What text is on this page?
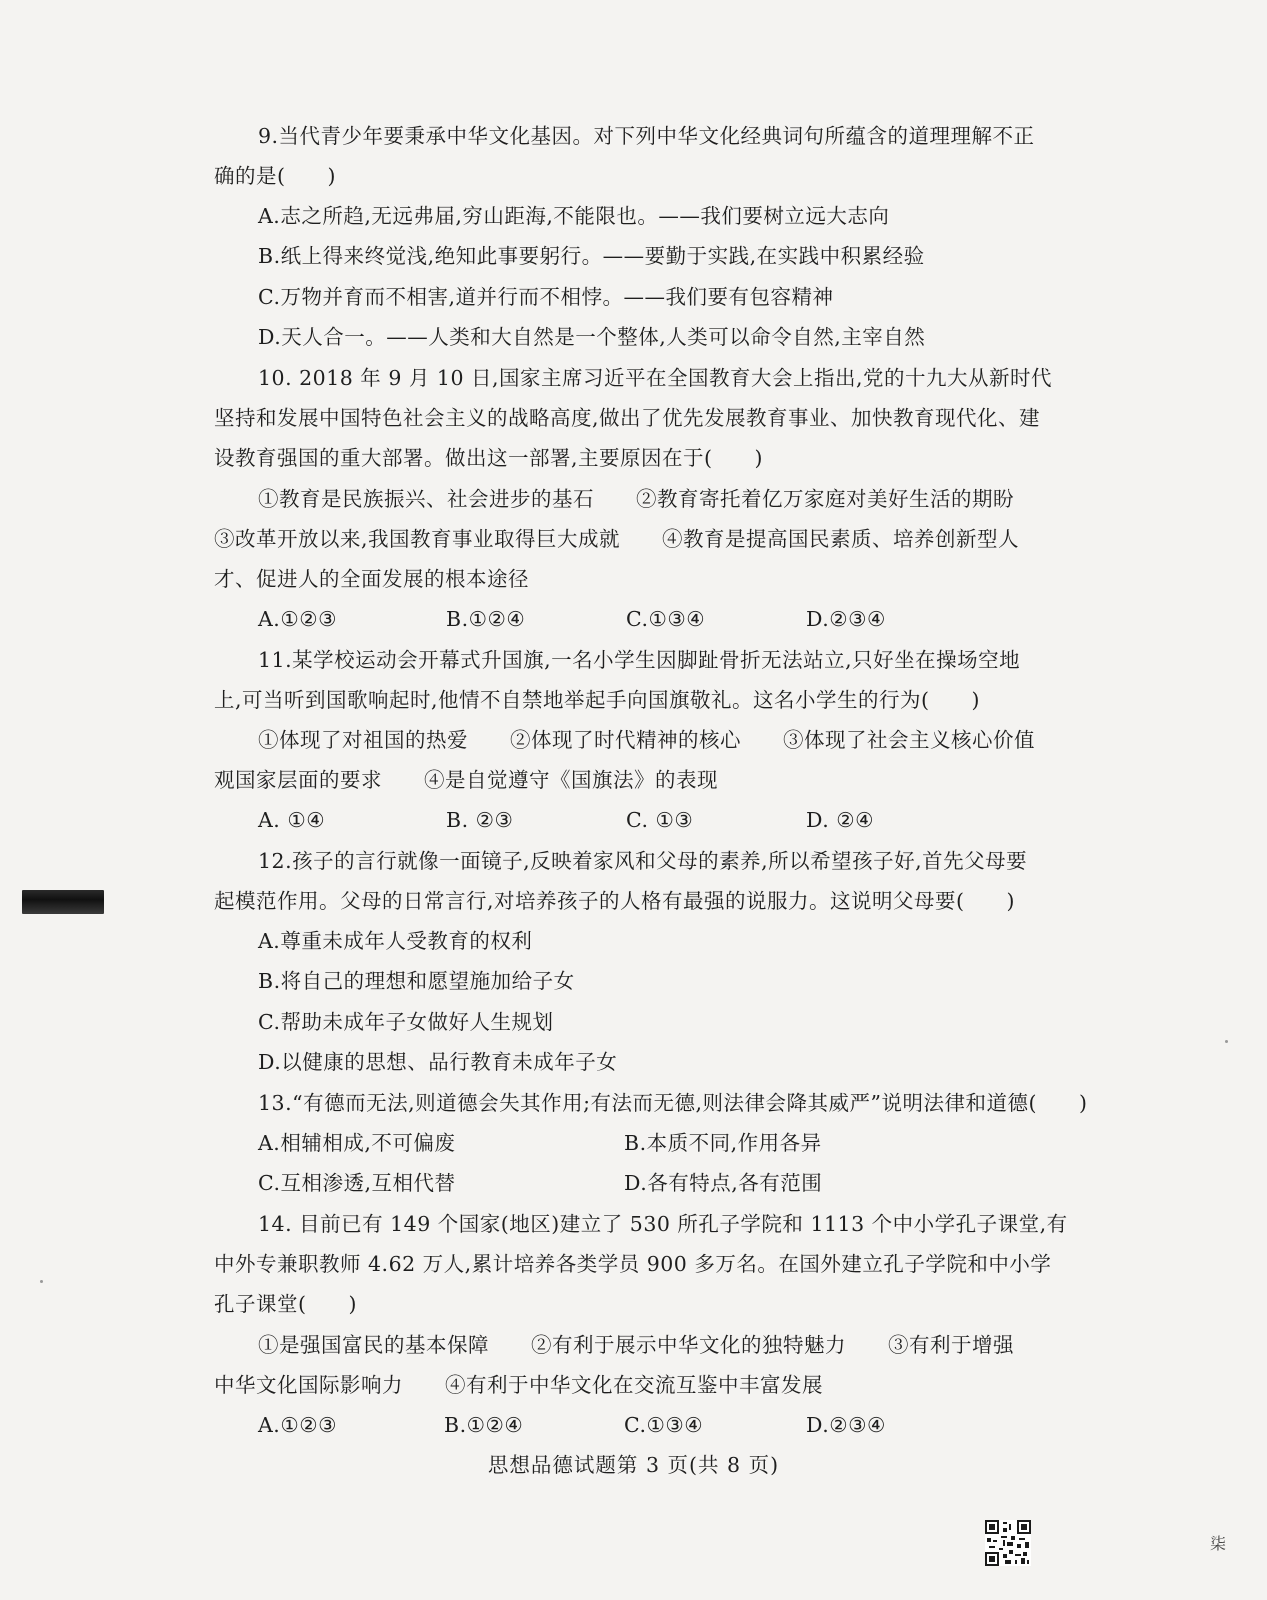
9.当代青少年要秉承中华文化基因。对下列中华文化经典词句所蕴含的道理理解不正
确的是(　　)
A.志之所趋,无远弗届,穷山距海,不能限也。——我们要树立远大志向
B.纸上得来终觉浅,绝知此事要躬行。——要勤于实践,在实践中积累经验
C.万物并育而不相害,道并行而不相悖。——我们要有包容精神
D.天人合一。——人类和大自然是一个整体,人类可以命令自然,主宰自然
10. 2018 年 9 月 10 日,国家主席习近平在全国教育大会上指出,党的十九大从新时代
坚持和发展中国特色社会主义的战略高度,做出了优先发展教育事业、加快教育现代化、建
设教育强国的重大部署。做出这一部署,主要原因在于(　　)
①教育是民族振兴、社会进步的基石　　②教育寄托着亿万家庭对美好生活的期盼
③改革开放以来,我国教育事业取得巨大成就　　④教育是提高国民素质、培养创新型人
才、促进人的全面发展的根本途径
A.①②③	B.①②④	C.①③④	D.②③④
11.某学校运动会开幕式升国旗,一名小学生因脚趾骨折无法站立,只好坐在操场空地
上,可当听到国歌响起时,他情不自禁地举起手向国旗敬礼。这名小学生的行为(　　)
①体现了对祖国的热爱　　②体现了时代精神的核心　　③体现了社会主义核心价值
观国家层面的要求　　④是自觉遵守《国旗法》的表现
A. ①④	B. ②③	C. ①③	D. ②④
12.孩子的言行就像一面镜子,反映着家风和父母的素养,所以希望孩子好,首先父母要
起模范作用。父母的日常言行,对培养孩子的人格有最强的说服力。这说明父母要(　　)
A.尊重未成年人受教育的权利
B.将自己的理想和愿望施加给子女
C.帮助未成年子女做好人生规划
D.以健康的思想、品行教育未成年子女
13.“有德而无法,则道德会失其作用;有法而无德,则法律会降其威严”说明法律和道德(　　)
A.相辅相成,不可偏废	B.本质不同,作用各异
C.互相渗透,互相代替	D.各有特点,各有范围
14. 目前已有 149 个国家(地区)建立了 530 所孔子学院和 1113 个中小学孔子课堂,有
中外专兼职教师 4.62 万人,累计培养各类学员 900 多万名。在国外建立孔子学院和中小学
孔子课堂(　　)
①是强国富民的基本保障　　②有利于展示中华文化的独特魅力　　③有利于增强
中华文化国际影响力　　④有利于中华文化在交流互鉴中丰富发展
A.①②③	B.①②④	C.①③④	D.②③④
思想品德试题第 3 页(共 8 页)
柒
